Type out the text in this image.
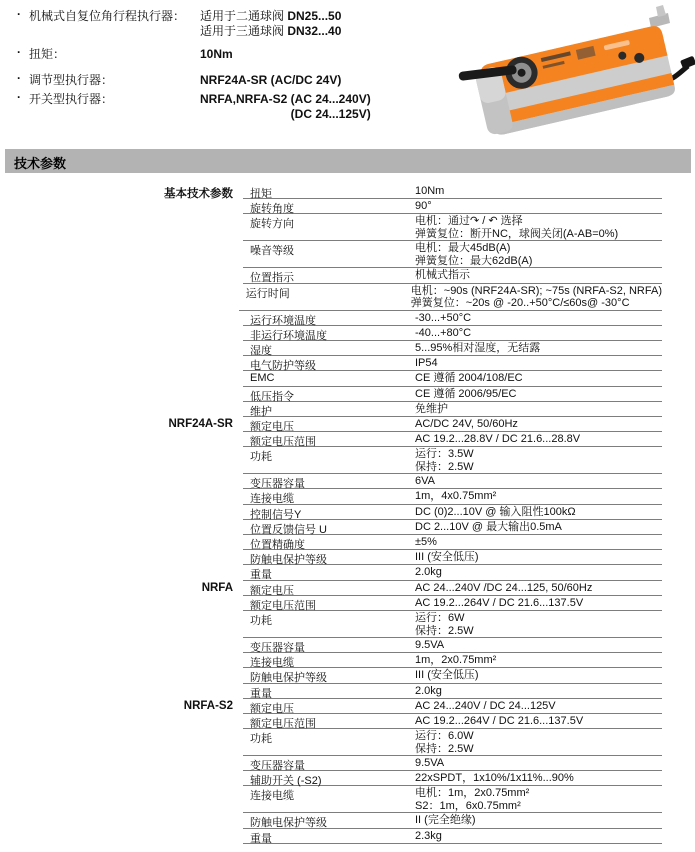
· 机械式自复位角行程执行器： 适用于二通球阀 DN25...50
适用于三通球阀 DN32...40
· 扭矩：	10Nm
· 调节型执行器：	NRF24A-SR (AC/DC 24V)
· 开关型执行器：	NRFA,NRFA-S2 (AC 24...240V)
(DC 24...125V)
技术参数
基本技术参数	扭矩	10Nm
旋转角度	90°
旋转方向	电机：通过↷ / ↶ 选择
弹簧复位：断开NC，球阀关闭(A-AB=0%)
噪音等级	电机：最大45dB(A)
弹簧复位：最大62dB(A)
位置指示	机械式指示
运行时间	电机：~90s (NRF24A-SR); ~75s (NRFA-S2, NRFA)
弹簧复位：~20s @ -20..+50°C/≤60s@ -30°C
运行环境温度	-30...+50°C
非运行环境温度	-40...+80°C
湿度	5...95%相对湿度，无结露
电气防护等级	IP54
EMC	CE 遵循 2004/108/EC
低压指令	CE 遵循 2006/95/EC
维护	免维护
NRF24A-SR	额定电压	AC/DC 24V, 50/60Hz
额定电压范围	AC 19.2...28.8V / DC 21.6...28.8V
功耗	运行：3.5W
保持：2.5W
变压器容量	6VA
连接电缆	1m，4x0.75mm²
控制信号Y	DC (0)2...10V @ 输入阻性100kΩ
位置反馈信号 U	DC 2...10V @ 最大输出0.5mA
位置精确度	±5%
防触电保护等级	III (安全低压)
重量	2.0kg
NRFA	额定电压	AC 24...240V /DC 24...125, 50/60Hz
额定电压范围	AC 19.2...264V / DC 21.6...137.5V
功耗	运行：6W
保持：2.5W
变压器容量	9.5VA
连接电缆	1m，2x0.75mm²
防触电保护等级	III (安全低压)
重量	2.0kg
NRFA-S2	额定电压	AC 24...240V / DC 24...125V
额定电压范围	AC 19.2...264V / DC 21.6...137.5V
功耗	运行：6.0W
保持：2.5W
变压器容量	9.5VA
辅助开关 (-S2)	22xSPDT，1x10%/1x11%...90%
连接电缆	电机：1m，2x0.75mm²
S2：1m，6x0.75mm²
防触电保护等级	II (完全绝缘)
重量	2.3kg
